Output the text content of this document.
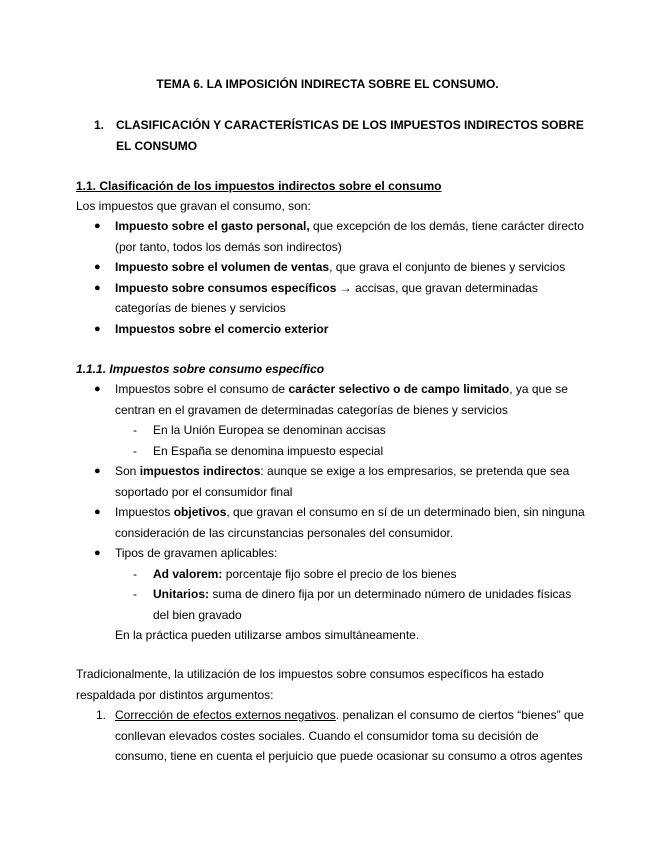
TEMA 6. LA IMPOSICIÓN INDIRECTA SOBRE EL CONSUMO.
1. CLASIFICACIÓN Y CARACTERÍSTICAS DE LOS IMPUESTOS INDIRECTOS SOBRE EL CONSUMO
1.1. Clasificación de los impuestos indirectos sobre el consumo
Los impuestos que gravan el consumo, son:
● Impuesto sobre el gasto personal, que excepción de los demás, tiene carácter directo (por tanto, todos los demás son indirectos)
● Impuesto sobre el volumen de ventas, que grava el conjunto de bienes y servicios
● Impuesto sobre consumos específicos → accisas, que gravan determinadas categorías de bienes y servicios
● Impuestos sobre el comercio exterior
1.1.1. Impuestos sobre consumo específico
● Impuestos sobre el consumo de carácter selectivo o de campo limitado, ya que se centran en el gravamen de determinadas categorías de bienes y servicios
- En la Unión Europea se denominan accisas
- En España se denomina impuesto especial
● Son impuestos indirectos: aunque se exige a los empresarios, se pretenda que sea soportado por el consumidor final
● Impuestos objetivos, que gravan el consumo en sí de un determinado bien, sin ninguna consideración de las circunstancias personales del consumidor.
● Tipos de gravamen aplicables:
- Ad valorem: porcentaje fijo sobre el precio de los bienes
- Unitarios: suma de dinero fija por un determinado número de unidades físicas del bien gravado
En la práctica pueden utilizarse ambos simultáneamente.
Tradicionalmente, la utilización de los impuestos sobre consumos específicos ha estado respaldada por distintos argumentos:
1. Corrección de efectos externos negativos. penalizan el consumo de ciertos “bienes” que conllevan elevados costes sociales. Cuando el consumidor toma su decisión de consumo, tiene en cuenta el perjuicio que puede ocasionar su consumo a otros agentes
